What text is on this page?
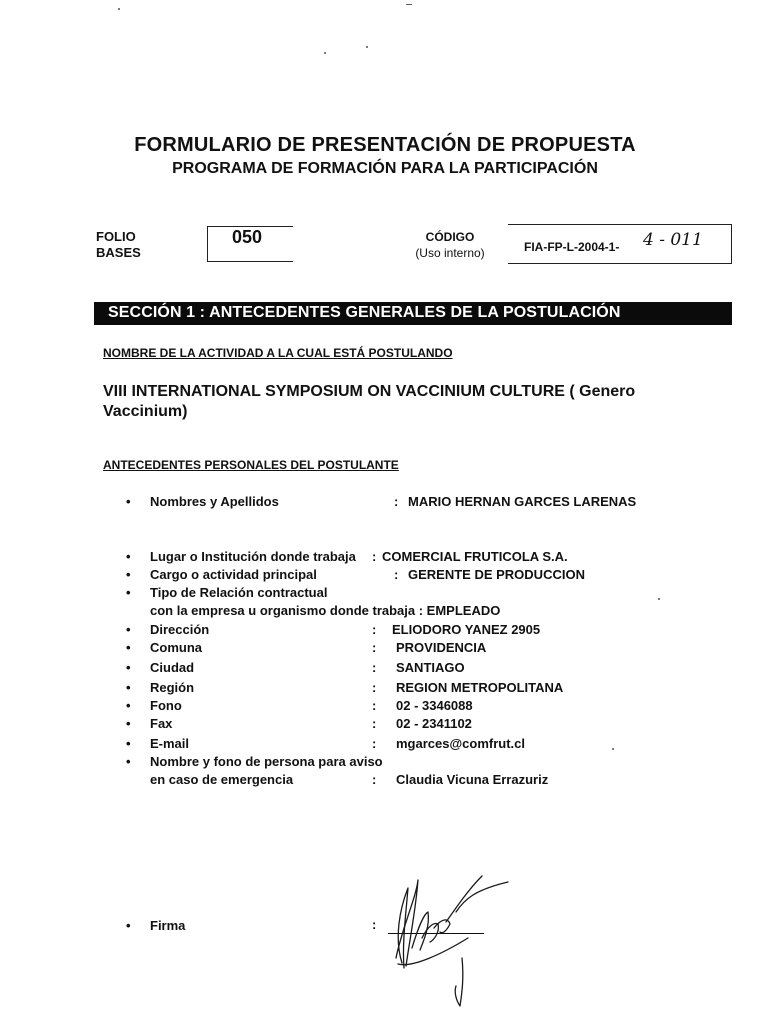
FORMULARIO DE PRESENTACIÓN DE PROPUESTA
PROGRAMA DE FORMACIÓN PARA LA PARTICIPACIÓN
FOLIO
BASES
050	CÓDIGO
(Uso interno)	FIA-FP-L-2004-1- 4 - 011
SECCIÓN 1 : ANTECEDENTES GENERALES DE LA POSTULACIÓN
NOMBRE DE LA ACTIVIDAD A LA CUAL ESTÁ POSTULANDO
VIII INTERNATIONAL SYMPOSIUM ON VACCINIUM CULTURE ( Genero Vaccinium)
ANTECEDENTES PERSONALES DEL POSTULANTE
• Nombres y Apellidos	: MARIO HERNAN GARCES LARENAS
• Lugar o Institución donde trabaja : COMERCIAL FRUTICOLA S.A.
• Cargo o actividad principal	: GERENTE DE PRODUCCION
• Tipo de Relación contractual
con la empresa u organismo donde trabaja : EMPLEADO
• Dirección	: ELIODORO YANEZ 2905
• Comuna	: PROVIDENCIA
• Ciudad	: SANTIAGO
• Región	: REGION METROPOLITANA
• Fono	: 02 - 3346088
• Fax	: 02 - 2341102
• E-mail	: mgarces@comfrut.cl
• Nombre y fono de persona para aviso
en caso de emergencia	: Claudia Vicuna Errazuriz
• Firma	:
